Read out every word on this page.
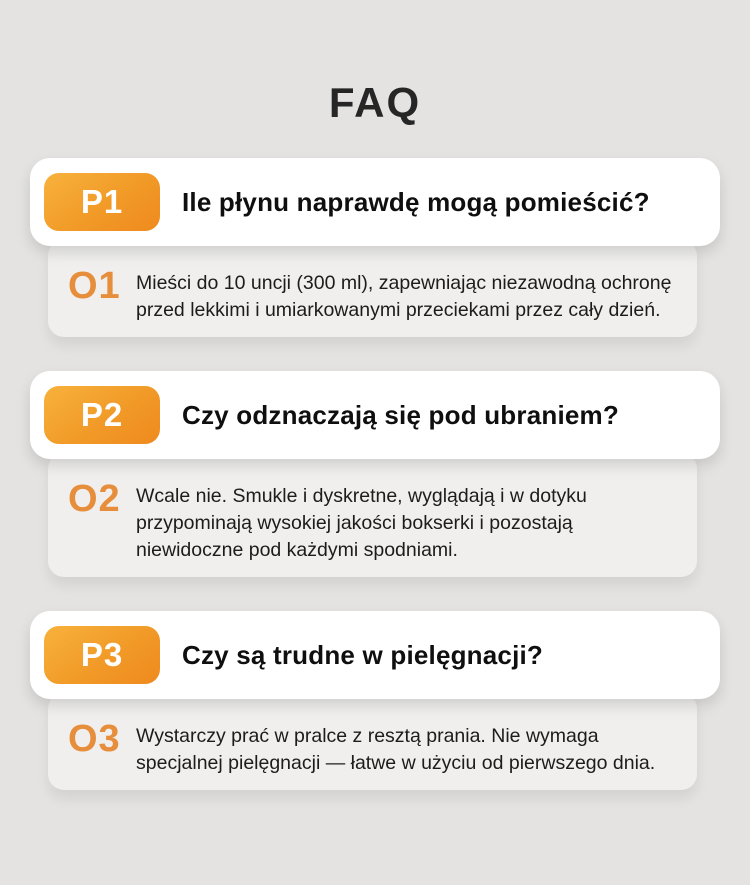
FAQ
P1	Ile płynu naprawdę mogą pomieścić?
O1 Mieści do 10 uncji (300 ml), zapewniając niezawodną ochronę przed lekkimi i umiarkowanymi przeciekami przez cały dzień.
P2	Czy odznaczają się pod ubraniem?
O2 Wcale nie. Smukle i dyskretne, wyglądają i w dotyku przypominają wysokiej jakości bokserki i pozostają niewidoczne pod każdymi spodniami.
P3	Czy są trudne w pielęgnacji?
O3 Wystarczy prać w pralce z resztą prania. Nie wymaga specjalnej pielęgnacji — łatwe w użyciu od pierwszego dnia.
